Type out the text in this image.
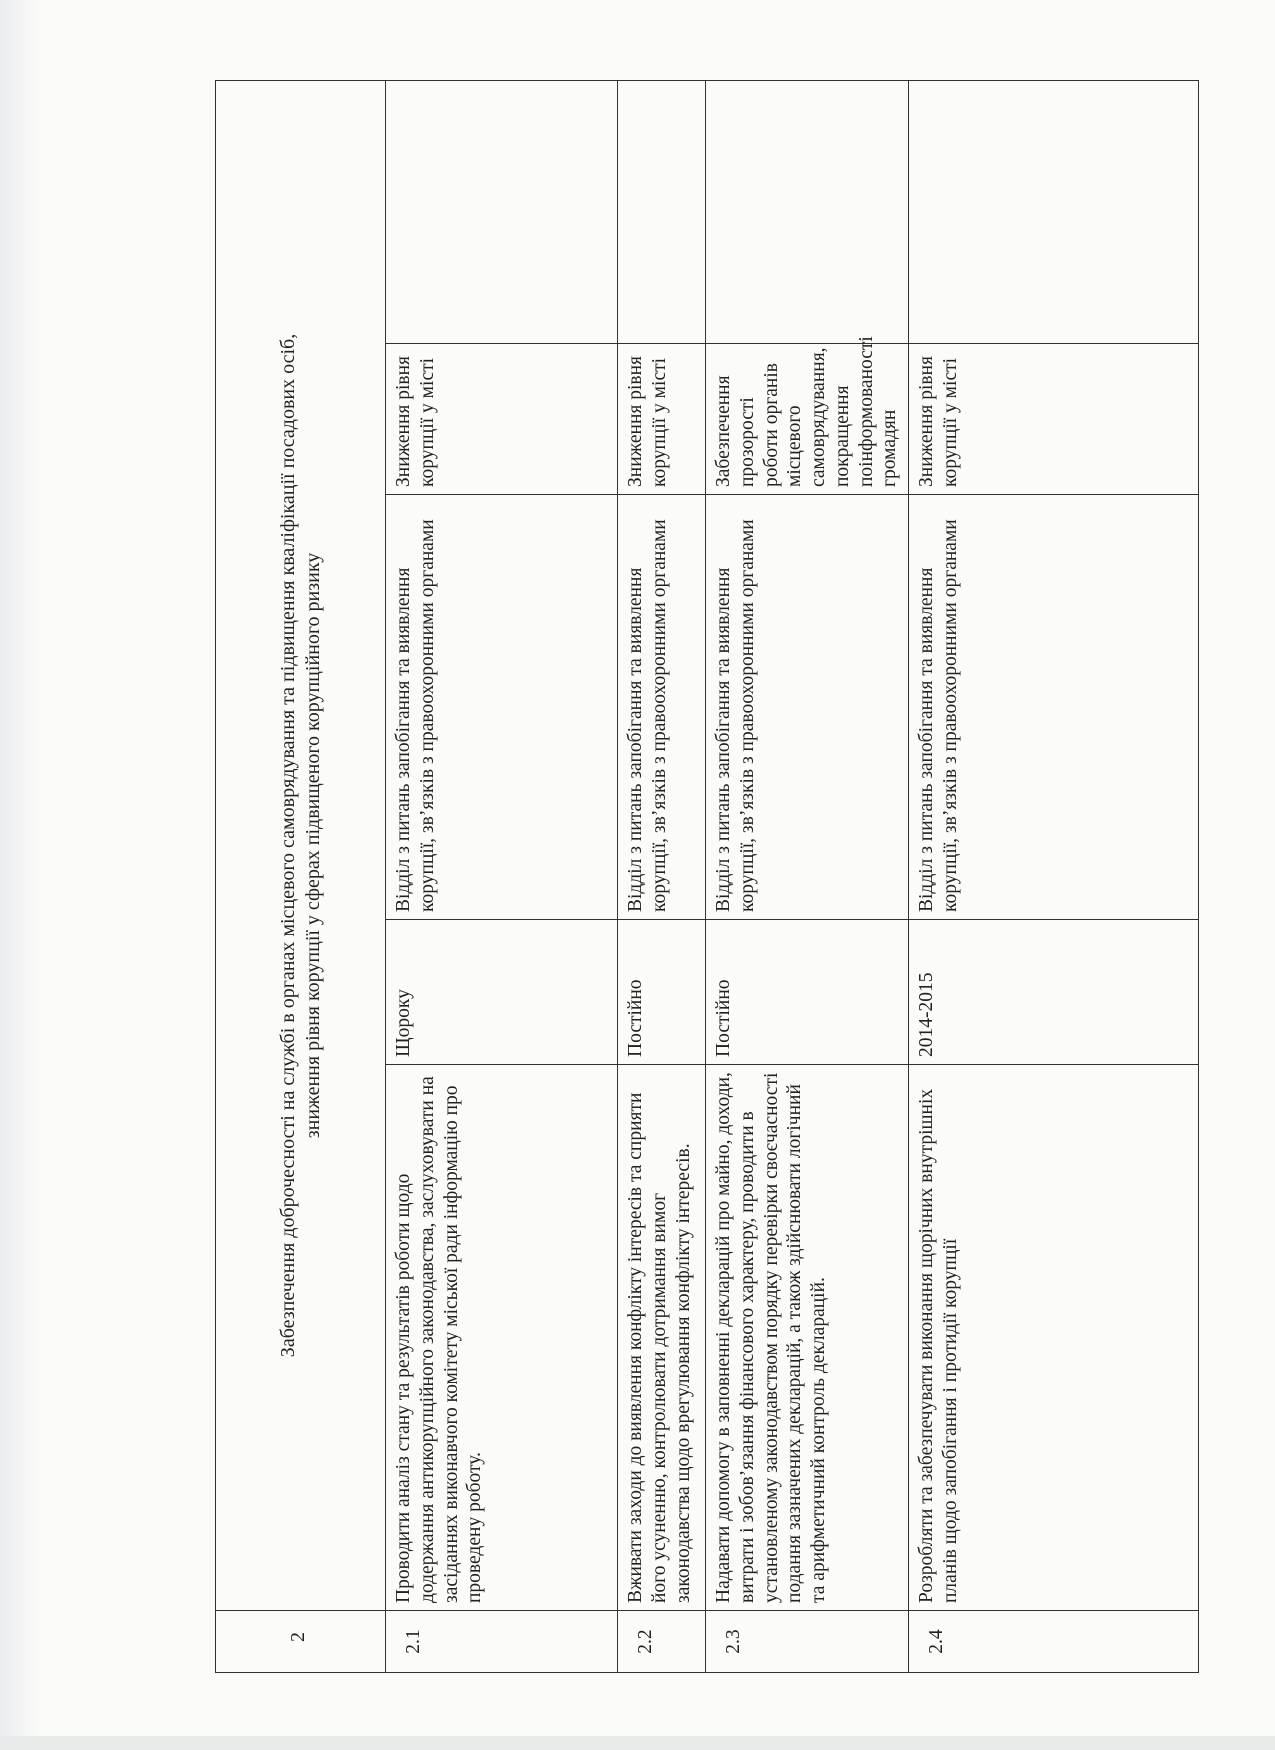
2	Забезпечення доброчесності на службі в органах місцевого самоврядування та підвищення кваліфікації посадових осіб, зниження рівня корупції у сферах підвищеного корупційного ризику				

2.1	Проводити аналіз стану та результатів роботи щодо додержання антикорупційного законодавства, заслуховувати на засіданнях виконавчого комітету міської ради інформацію про проведену роботу.	Щороку	Відділ з питань запобігання та виявлення корупції, зв’язків з правоохоронними органами	Зниження рівня корупції у місті	
2.2	Вживати заходи до виявлення конфлікту інтересів та сприяти його усуненню, контролювати дотримання вимог законодавства щодо врегулювання конфлікту інтересів.	Постійно	Відділ з питань запобігання та виявлення корупції, зв’язків з правоохоронними органами	Зниження рівня корупції у місті	
2.3	Надавати допомогу в заповненні декларацій про майно, доходи, витрати і зобов’язання фінансового характеру, проводити в установленому законодавством порядку перевірки своєчасності подання зазначених декларацій, а також здійснювати логічний та арифметичний контроль декларацій.	Постійно	Відділ з питань запобігання та виявлення корупції, зв’язків з правоохоронними органами	Забезпечення прозорості роботи органів місцевого самоврядування, покращення поінформованості громадян	
2.4	Розробляти та забезпечувати виконання щорічних внутрішніх планів щодо запобігання і протидії корупції	2014-2015	Відділ з питань запобігання та виявлення корупції, зв’язків з правоохоронними органами	Зниження рівня корупції у місті	
